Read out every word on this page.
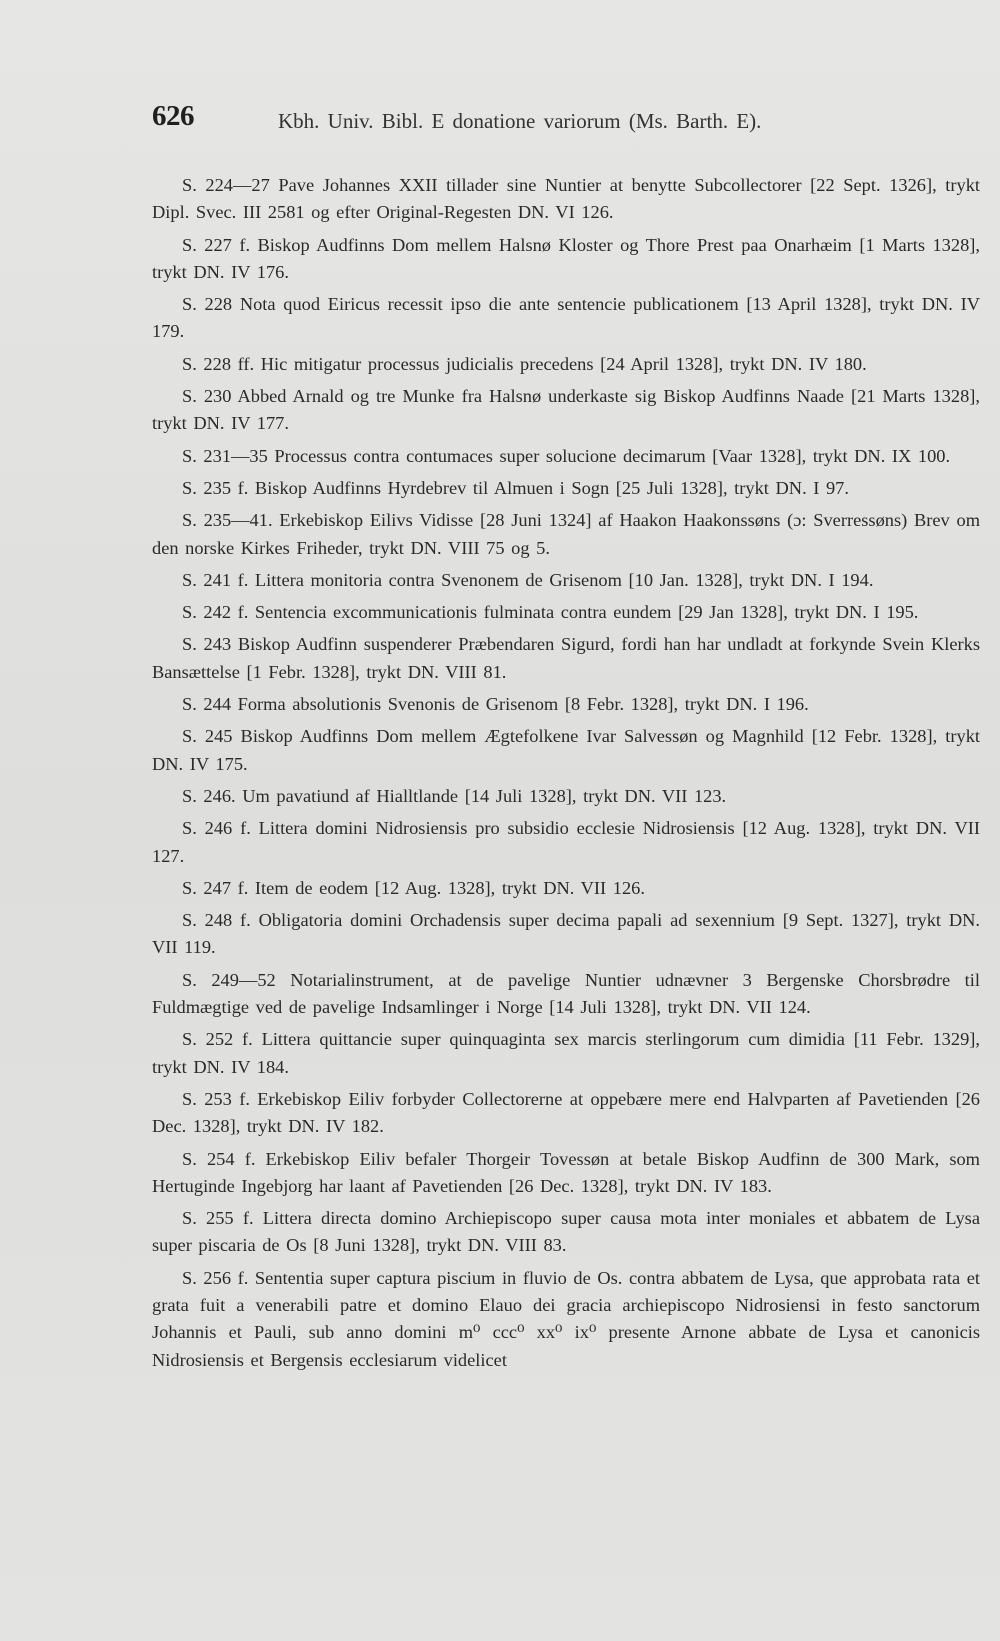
626	Kbh. Univ. Bibl. E donatione variorum (Ms. Barth. E).

S. 224—27 Pave Johannes XXII tillader sine Nuntier at benytte Subcollectorer [22 Sept. 1326], trykt Dipl. Svec. III 2581 og efter Original-Regesten DN. VI 126.

S. 227 f. Biskop Audfinns Dom mellem Halsnø Kloster og Thore Prest paa Onarhæim [1 Marts 1328], trykt DN. IV 176.

S. 228 Nota quod Eiricus recessit ipso die ante sentencie publicationem [13 April 1328], trykt DN. IV 179.

S. 228 ff. Hic mitigatur processus judicialis precedens [24 April 1328], trykt DN. IV 180.

S. 230 Abbed Arnald og tre Munke fra Halsnø underkaste sig Biskop Audfinns Naade [21 Marts 1328], trykt DN. IV 177.

S. 231—35 Processus contra contumaces super solucione decimarum [Vaar 1328], trykt DN. IX 100.

S. 235 f. Biskop Audfinns Hyrdebrev til Almuen i Sogn [25 Juli 1328], trykt DN. I 97.

S. 235—41. Erkebiskop Eilivs Vidisse [28 Juni 1324] af Haakon Haakonssøns (ɔ: Sverressøns) Brev om den norske Kirkes Friheder, trykt DN. VIII 75 og 5.

S. 241 f. Littera monitoria contra Svenonem de Grisenom [10 Jan. 1328], trykt DN. I 194.

S. 242 f. Sentencia excommunicationis fulminata contra eundem [29 Jan 1328], trykt DN. I 195.

S. 243 Biskop Audfinn suspenderer Præbendaren Sigurd, fordi han har undladt at forkynde Svein Klerks Bansættelse [1 Febr. 1328], trykt DN. VIII 81.

S. 244 Forma absolutionis Svenonis de Grisenom [8 Febr. 1328], trykt DN. I 196.

S. 245 Biskop Audfinns Dom mellem Ægtefolkene Ivar Salvessøn og Magnhild [12 Febr. 1328], trykt DN. IV 175.

S. 246. Um pavatiund af Hialltlande [14 Juli 1328], trykt DN. VII 123.

S. 246 f. Littera domini Nidrosiensis pro subsidio ecclesie Nidrosiensis [12 Aug. 1328], trykt DN. VII 127.

S. 247 f. Item de eodem [12 Aug. 1328], trykt DN. VII 126.

S. 248 f. Obligatoria domini Orchadensis super decima papali ad sexennium [9 Sept. 1327], trykt DN. VII 119.

S. 249—52 Notarialinstrument, at de pavelige Nuntier udnævner 3 Bergenske Chorsbrødre til Fuldmægtige ved de pavelige Indsamlinger i Norge [14 Juli 1328], trykt DN. VII 124.

S. 252 f. Littera quittancie super quinquaginta sex marcis sterlingorum cum dimidia [11 Febr. 1329], trykt DN. IV 184.

S. 253 f. Erkebiskop Eiliv forbyder Collectorerne at oppebære mere end Halvparten af Pavetienden [26 Dec. 1328], trykt DN. IV 182.

S. 254 f. Erkebiskop Eiliv befaler Thorgeir Tovessøn at betale Biskop Audfinn de 300 Mark, som Hertuginde Ingebjorg har laant af Pavetienden [26 Dec. 1328], trykt DN. IV 183.

S. 255 f. Littera directa domino Archiepiscopo super causa mota inter moniales et abbatem de Lysa super piscaria de Os [8 Juni 1328], trykt DN. VIII 83.

S. 256 f. Sententia super captura piscium in fluvio de Os. contra abbatem de Lysa, que approbata rata et grata fuit a venerabili patre et domino Elauo dei gracia archiepiscopo Nidrosiensi in festo sanctorum Johannis et Pauli, sub anno domini m⁰ ccc⁰ xx⁰ ix⁰ presente Arnone abbate de Lysa et canonicis Nidrosiensis et Bergensis ecclesiarum videlicet
